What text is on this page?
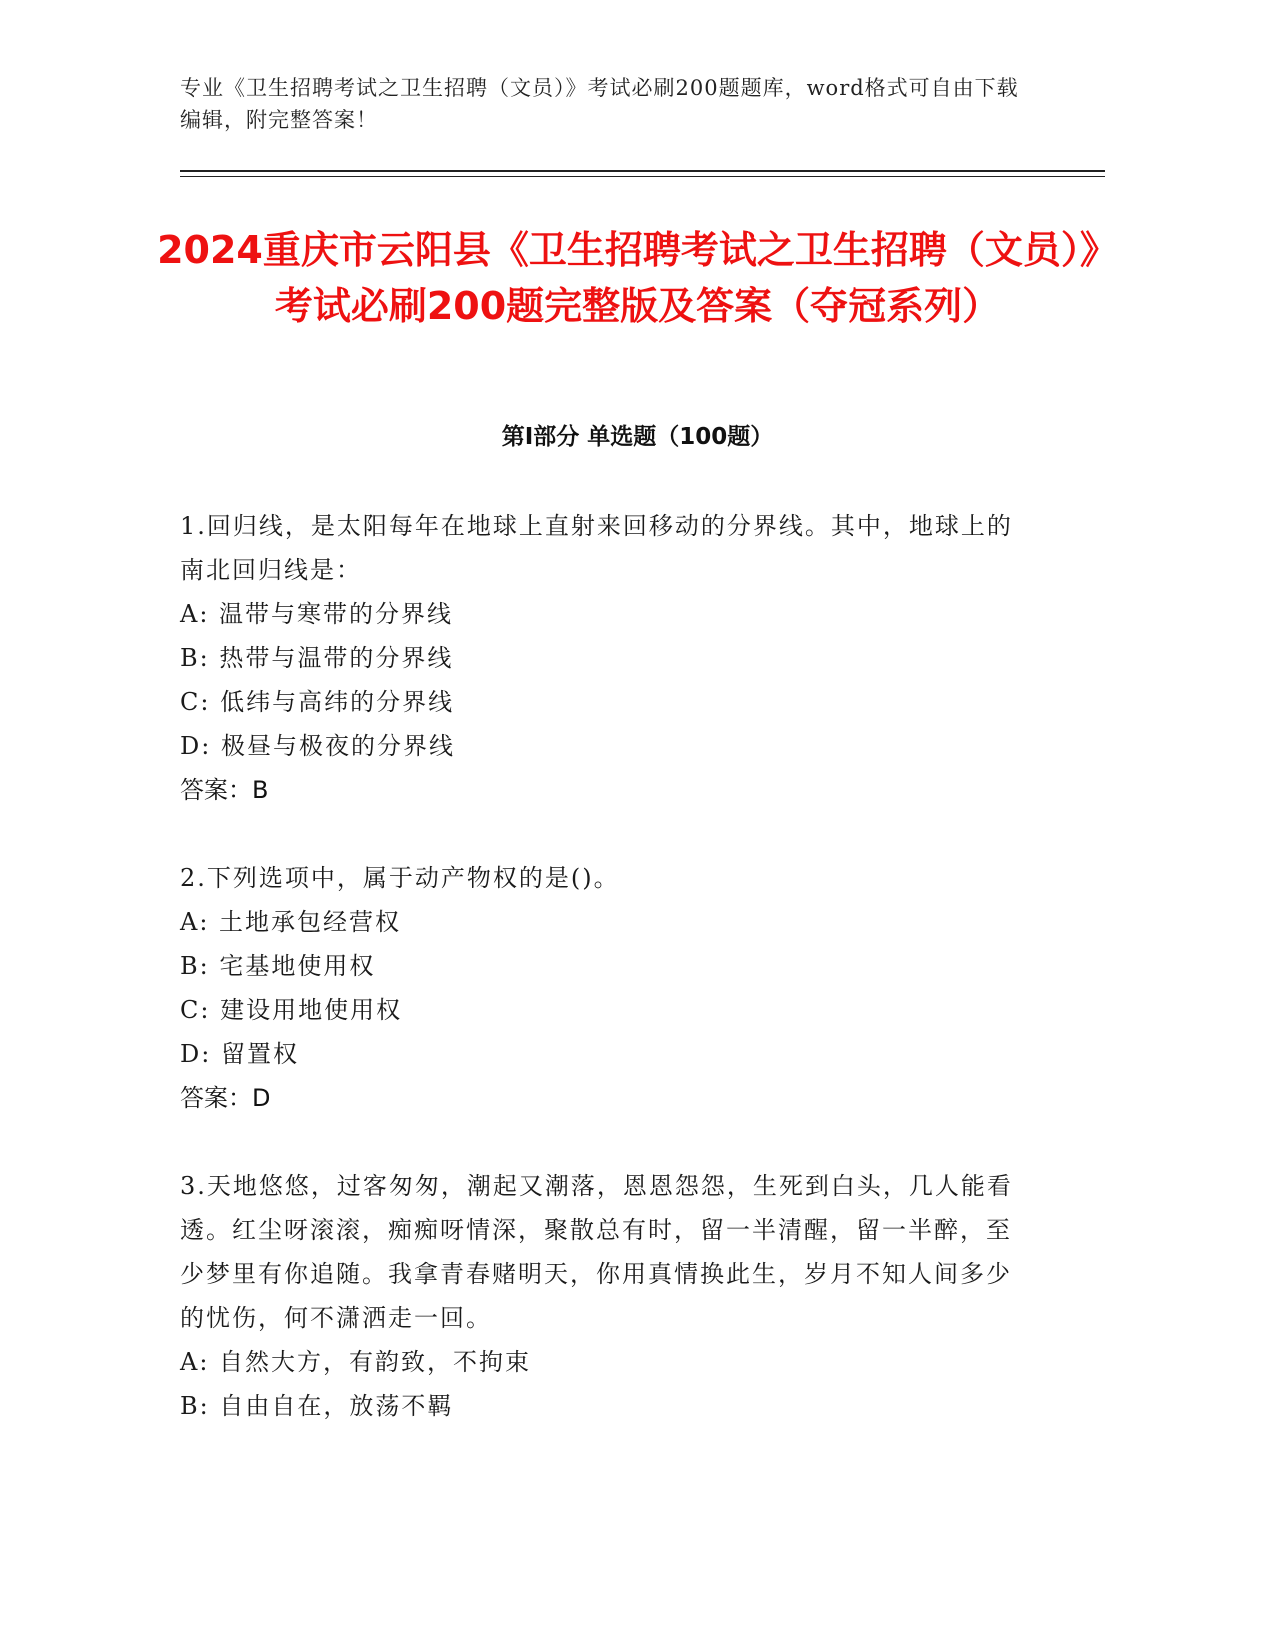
专业《卫生招聘考试之卫生招聘（文员）》考试必刷200题题库，word格式可自由下载编辑，附完整答案！
2024重庆市云阳县《卫生招聘考试之卫生招聘（文员）》考试必刷200题完整版及答案（夺冠系列）
第I部分 单选题（100题）
1.回归线，是太阳每年在地球上直射来回移动的分界线。其中，地球上的南北回归线是：
A: 温带与寒带的分界线
B: 热带与温带的分界线
C: 低纬与高纬的分界线
D: 极昼与极夜的分界线
答案：B
2.下列选项中，属于动产物权的是()。
A: 土地承包经营权
B: 宅基地使用权
C: 建设用地使用权
D: 留置权
答案：D
3.天地悠悠，过客匆匆，潮起又潮落，恩恩怨怨，生死到白头，几人能看透。红尘呀滚滚，痴痴呀情深，聚散总有时，留一半清醒，留一半醉，至少梦里有你追随。我拿青春赌明天，你用真情换此生，岁月不知人间多少的忧伤，何不潇洒走一回。
A: 自然大方，有韵致，不拘束
B: 自由自在，放荡不羁
